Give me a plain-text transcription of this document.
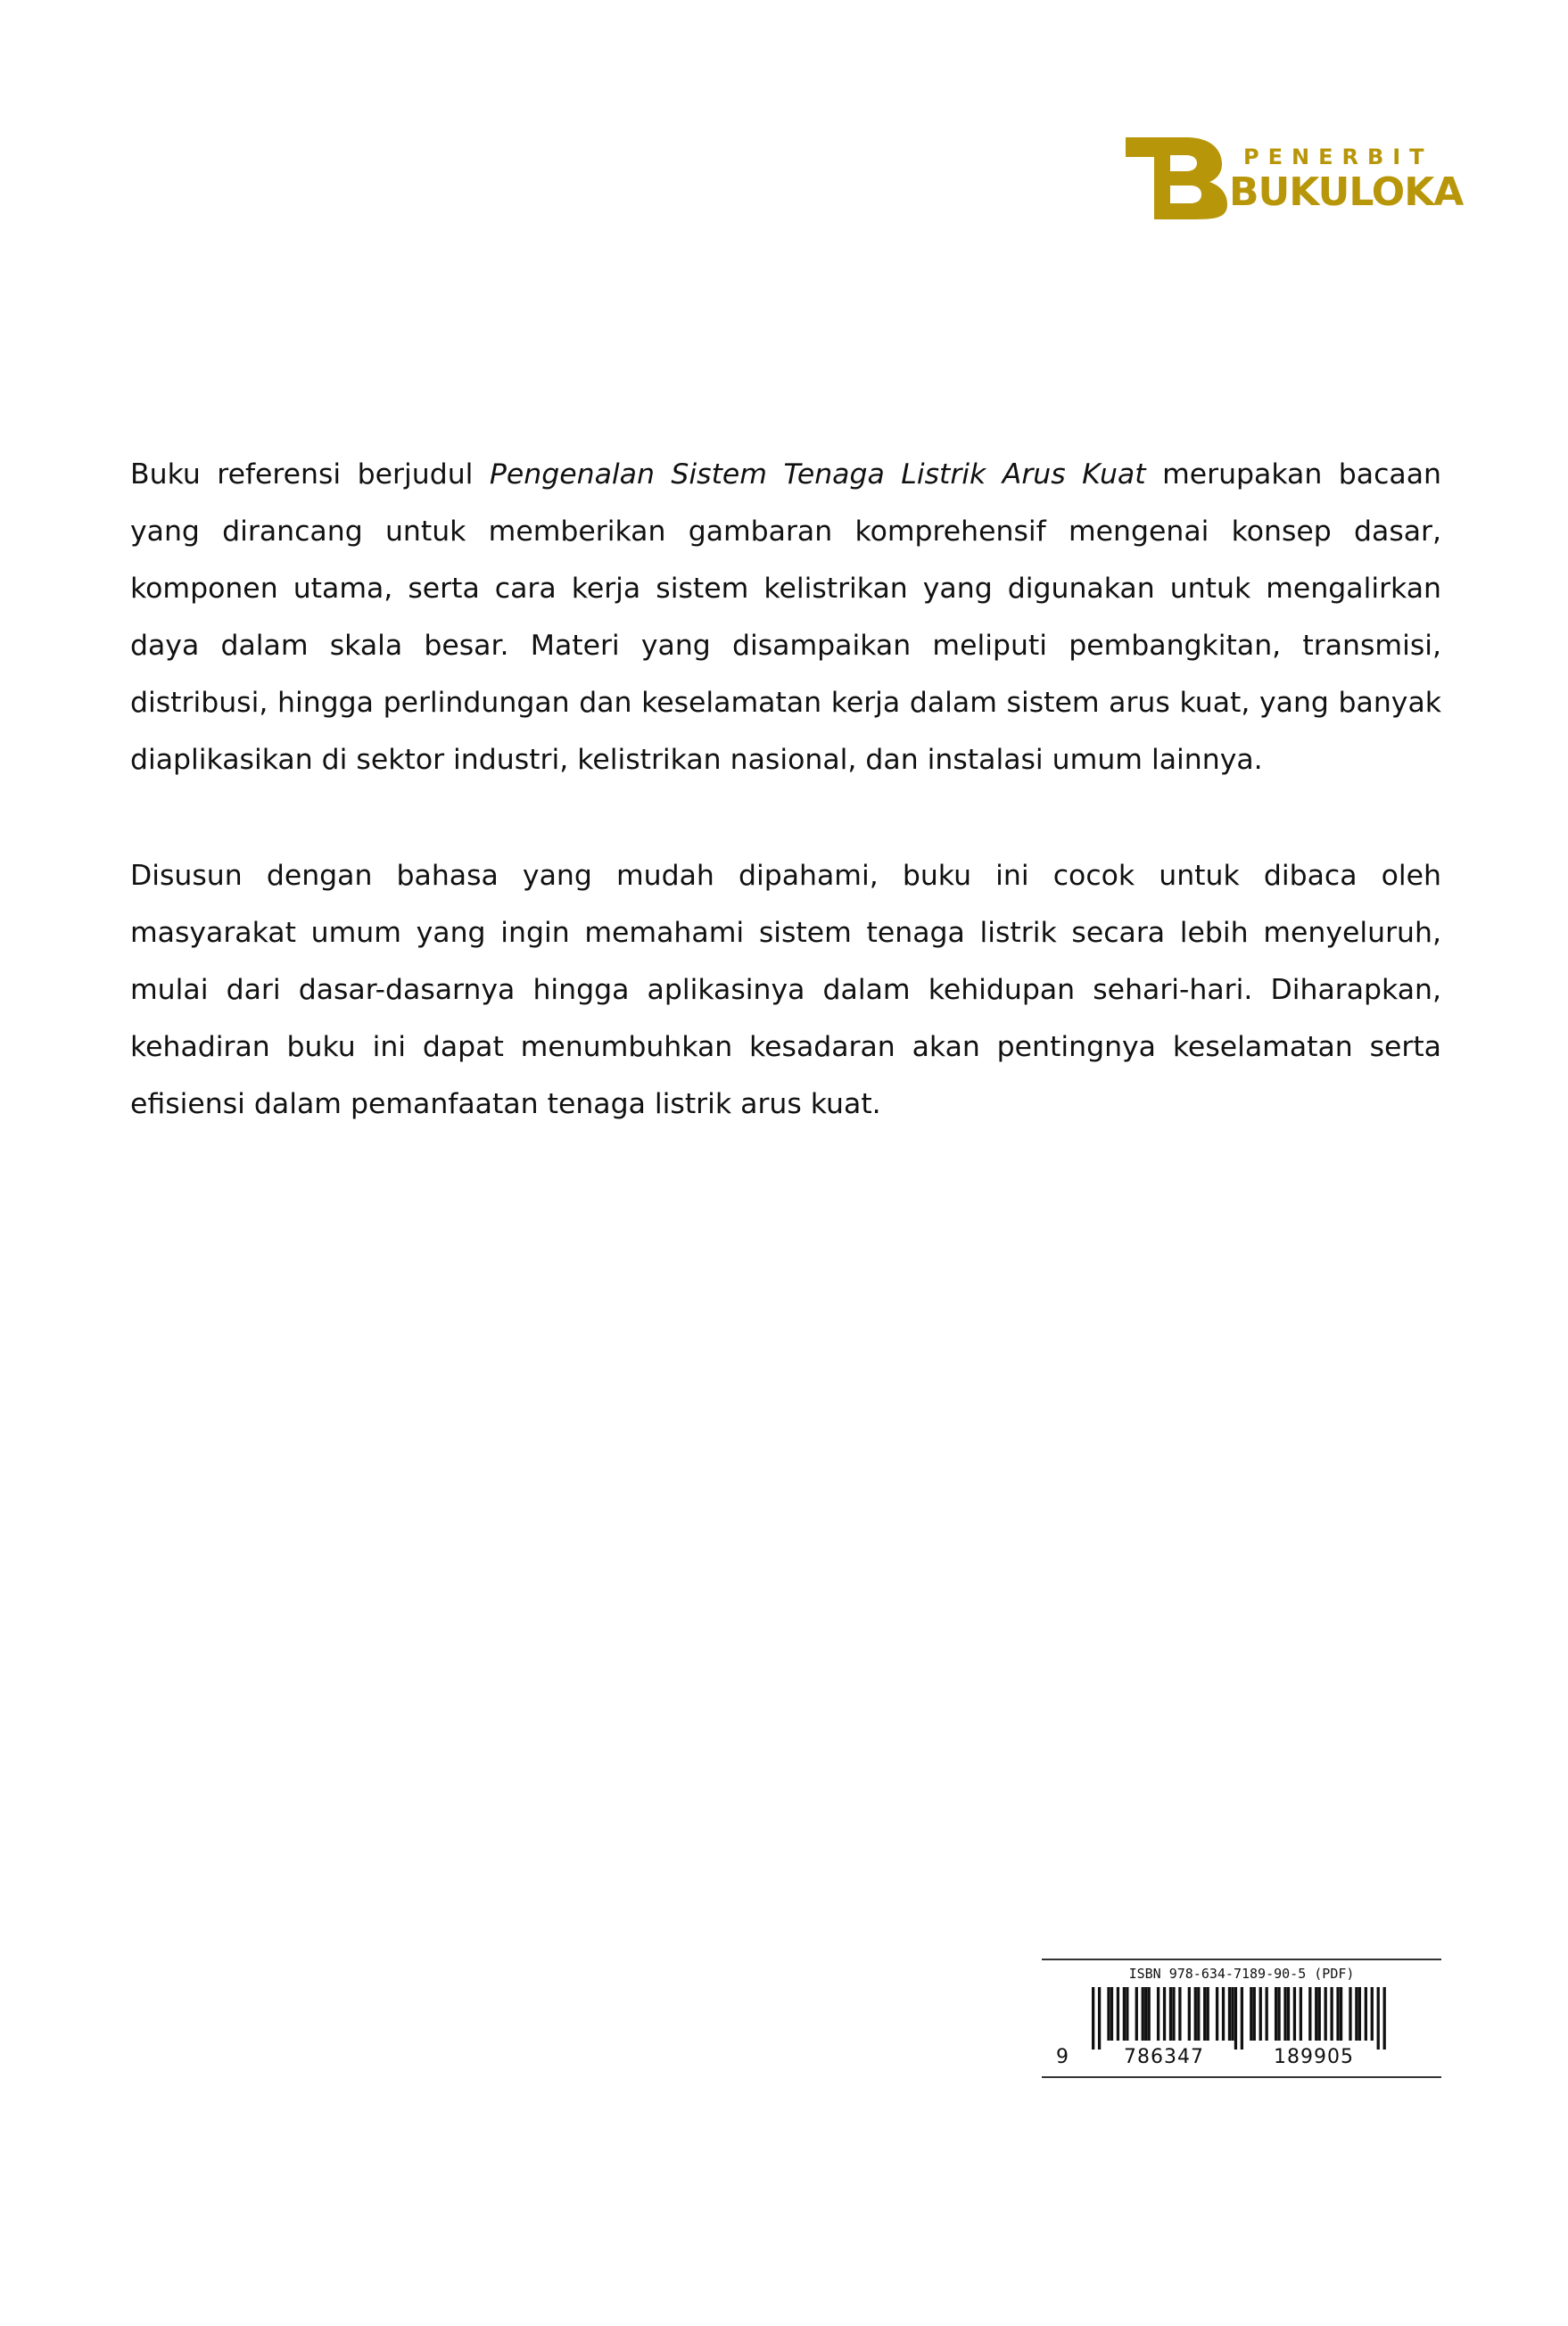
PENERBIT
BUKULOKA

Buku referensi berjudul Pengenalan Sistem Tenaga Listrik Arus Kuat merupakan bacaan yang dirancang untuk memberikan gambaran komprehensif mengenai konsep dasar, komponen utama, serta cara kerja sistem kelistrikan yang digunakan untuk mengalirkan daya dalam skala besar. Materi yang disampaikan meliputi pembangkitan, transmisi, distribusi, hingga perlindungan dan keselamatan kerja dalam sistem arus kuat, yang banyak diaplikasikan di sektor industri, kelistrikan nasional, dan instalasi umum lainnya.

Disusun dengan bahasa yang mudah dipahami, buku ini cocok untuk dibaca oleh masyarakat umum yang ingin memahami sistem tenaga listrik secara lebih menyeluruh, mulai dari dasar-dasarnya hingga aplikasinya dalam kehidupan sehari-hari. Diharapkan, kehadiran buku ini dapat menumbuhkan kesadaran akan pentingnya keselamatan serta efisiensi dalam pemanfaatan tenaga listrik arus kuat.

ISBN 978-634-7189-90-5 (PDF)
9	786347	189905
